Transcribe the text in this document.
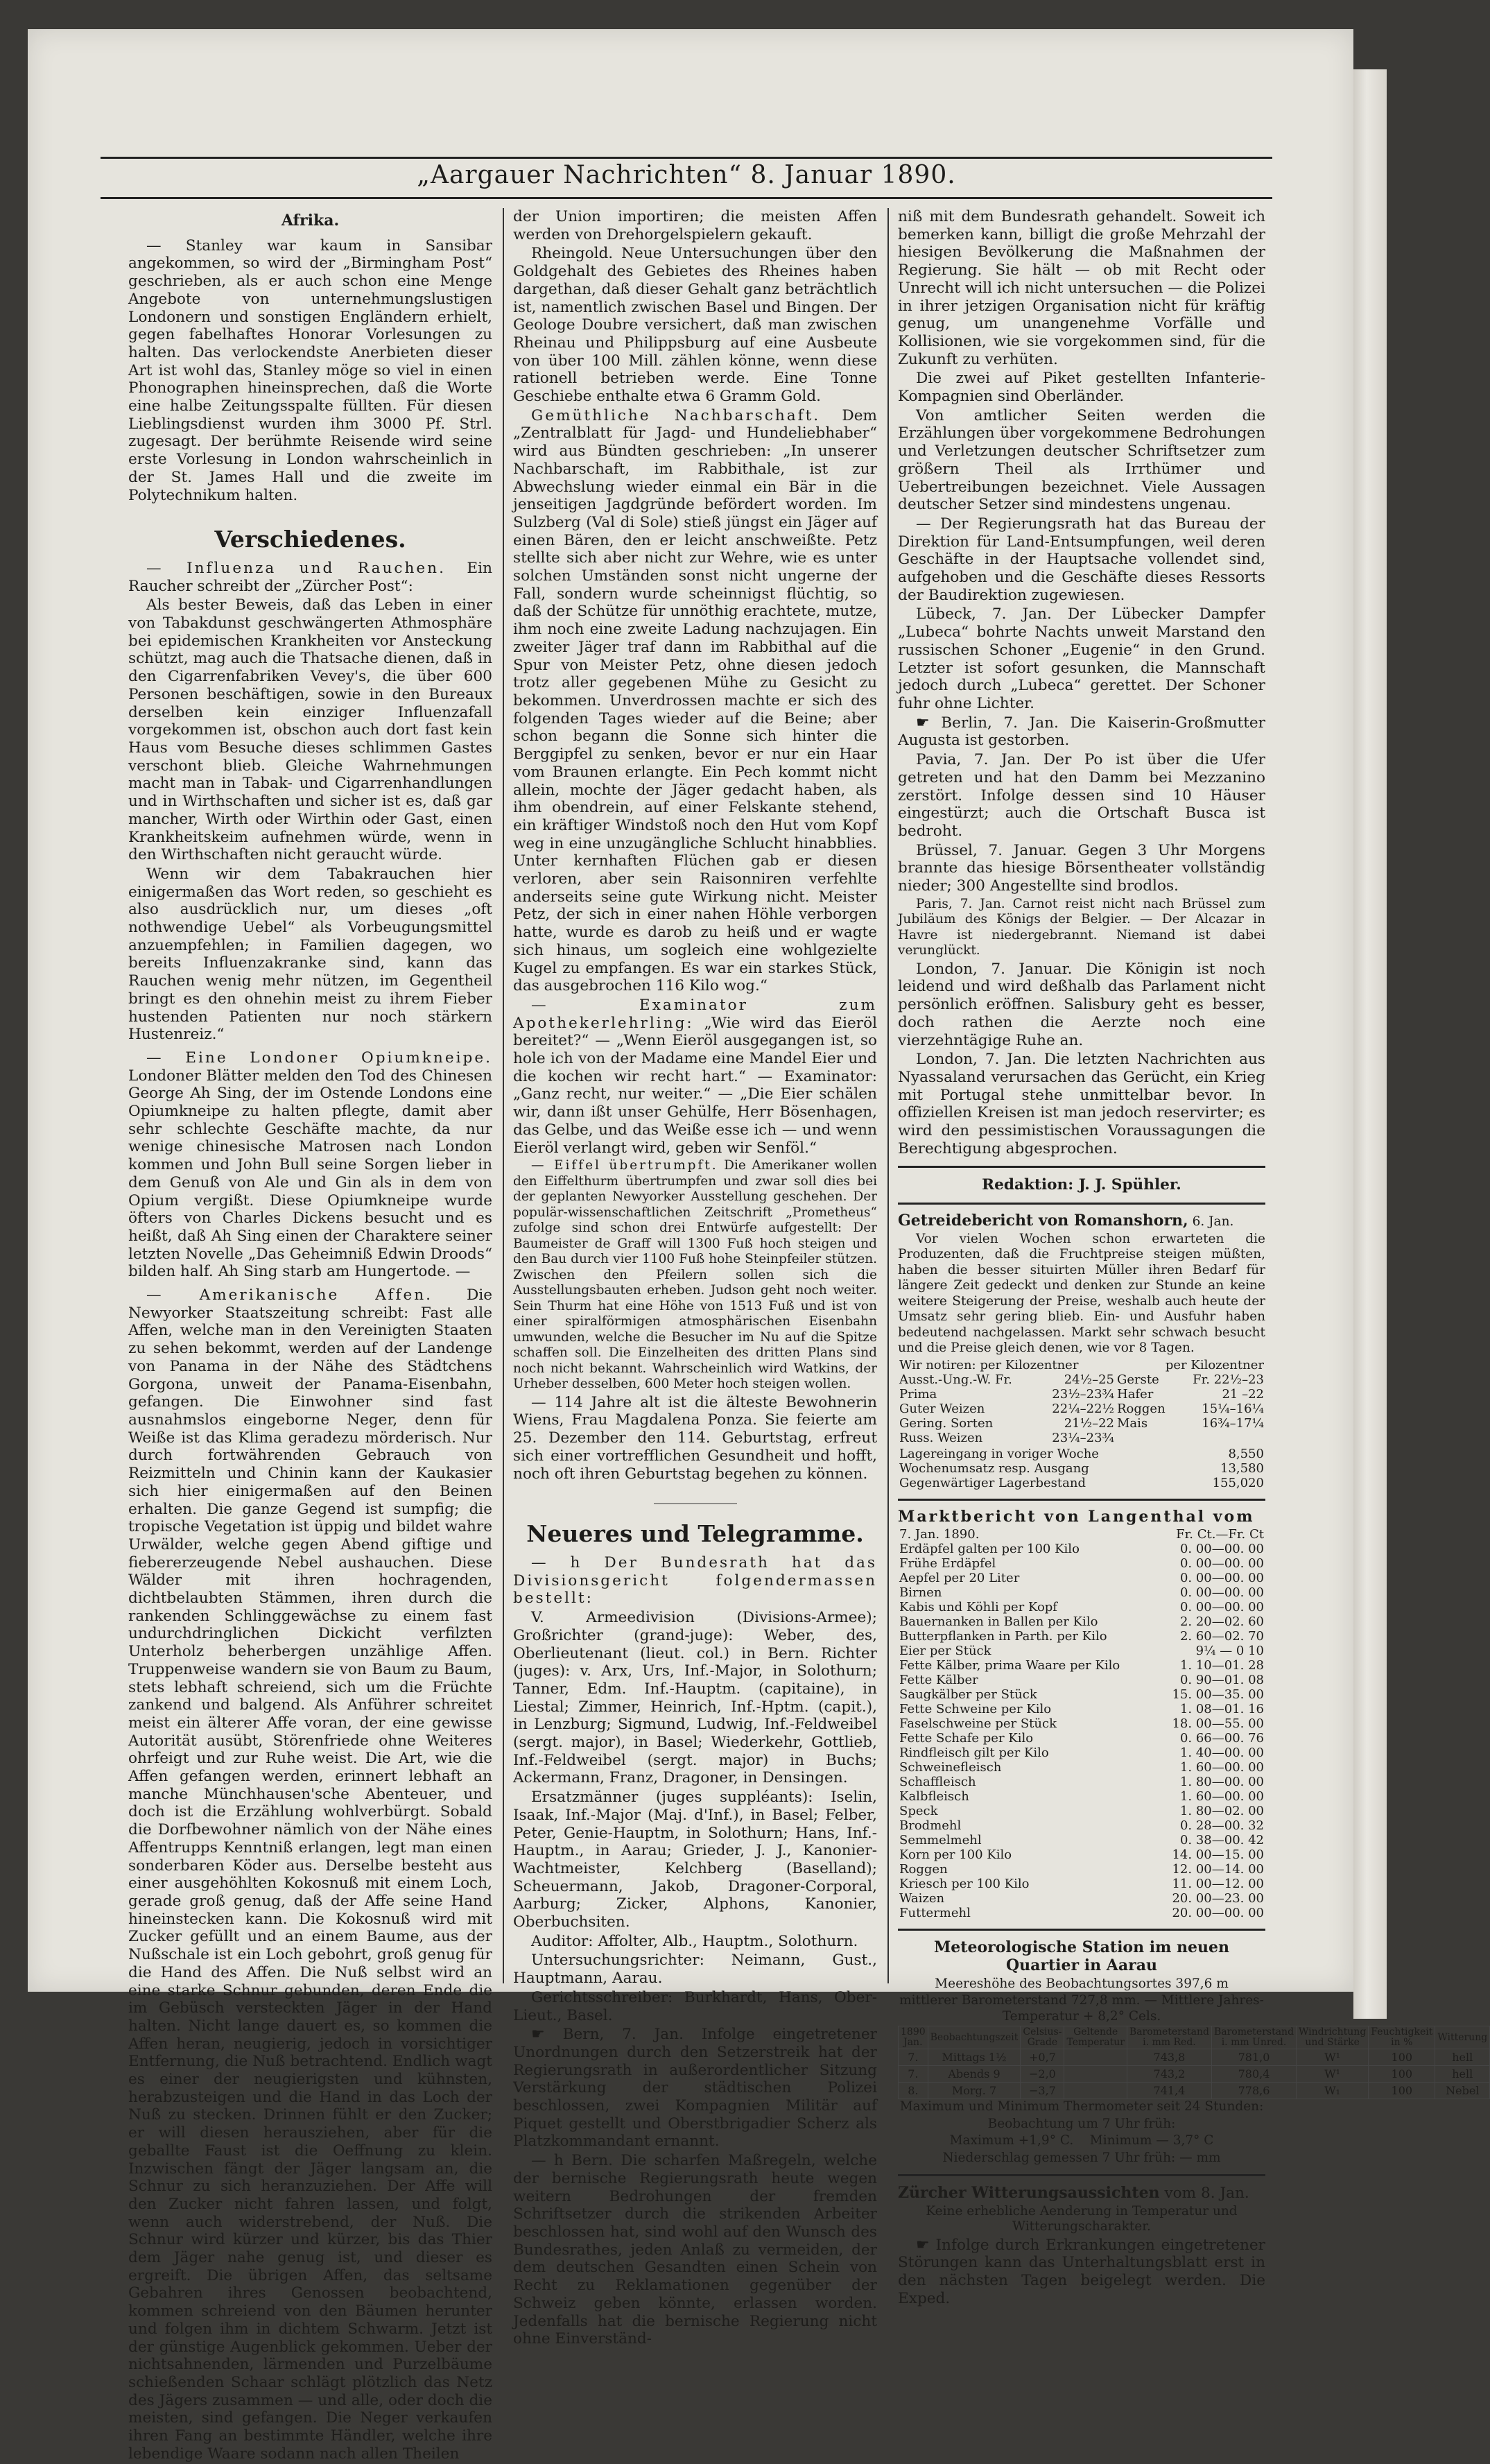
„Aargauer Nachrichten“ 8. Januar 1890.

Afrika.

— Stanley war kaum in Sansibar angekommen, so wird der „Birmingham Post“ geschrieben, als er auch schon eine Menge Angebote von unternehmungslustigen Londonern und sonstigen Engländern erhielt, gegen fabelhaftes Honorar Vorlesungen zu halten. Das verlockendste Anerbieten dieser Art ist wohl das, Stanley möge so viel in einen Phonographen hineinsprechen, daß die Worte eine halbe Zeitungsspalte füllten. Für diesen Lieblingsdienst wurden ihm 3000 Pf. Strl. zugesagt. Der berühmte Reisende wird seine erste Vorlesung in London wahrscheinlich in der St. James Hall und die zweite im Polytechnikum halten.

Verschiedenes.

— Influenza und Rauchen. Ein Raucher schreibt der „Zürcher Post“:

Als bester Beweis, daß das Leben in einer von Tabakdunst geschwängerten Athmosphäre bei epidemischen Krankheiten vor Ansteckung schützt, mag auch die Thatsache dienen, daß in den Cigarrenfabriken Vevey's, die über 600 Personen beschäftigen, sowie in den Bureaux derselben kein einziger Influenzafall vorgekommen ist, obschon auch dort fast kein Haus vom Besuche dieses schlimmen Gastes verschont blieb. Gleiche Wahrnehmungen macht man in Tabak- und Cigarrenhandlungen und in Wirthschaften und sicher ist es, daß gar mancher, Wirth oder Wirthin oder Gast, einen Krankheitskeim aufnehmen würde, wenn in den Wirthschaften nicht geraucht würde.

Wenn wir dem Tabakrauchen hier einigermaßen das Wort reden, so geschieht es also ausdrücklich nur, um dieses „oft nothwendige Uebel“ als Vorbeugungsmittel anzuempfehlen; in Familien dagegen, wo bereits Influenzakranke sind, kann das Rauchen wenig mehr nützen, im Gegentheil bringt es den ohnehin meist zu ihrem Fieber hustenden Patienten nur noch stärkern Hustenreiz.“

— Eine Londoner Opiumkneipe. Londoner Blätter melden den Tod des Chinesen George Ah Sing, der im Ostende Londons eine Opiumkneipe zu halten pflegte, damit aber sehr schlechte Geschäfte machte, da nur wenige chinesische Matrosen nach London kommen und John Bull seine Sorgen lieber in dem Genuß von Ale und Gin als in dem von Opium vergißt. Diese Opiumkneipe wurde öfters von Charles Dickens besucht und es heißt, daß Ah Sing einen der Charaktere seiner letzten Novelle „Das Geheimniß Edwin Droods“ bilden half. Ah Sing starb am Hungertode. —

— Amerikanische Affen. Die Newyorker Staatszeitung schreibt: Fast alle Affen, welche man in den Vereinigten Staaten zu sehen bekommt, werden auf der Landenge von Panama in der Nähe des Städtchens Gorgona, unweit der Panama-Eisenbahn, gefangen. Die Einwohner sind fast ausnahmslos eingeborne Neger, denn für Weiße ist das Klima geradezu mörderisch. Nur durch fortwährenden Gebrauch von Reizmitteln und Chinin kann der Kaukasier sich hier einigermaßen auf den Beinen erhalten. Die ganze Gegend ist sumpfig; die tropische Vegetation ist üppig und bildet wahre Urwälder, welche gegen Abend giftige und fiebererzeugende Nebel aushauchen. Diese Wälder mit ihren hochragenden, dichtbelaubten Stämmen, ihren durch die rankenden Schlinggewächse zu einem fast undurchdringlichen Dickicht verfilzten Unterholz beherbergen unzählige Affen. Truppenweise wandern sie von Baum zu Baum, stets lebhaft schreiend, sich um die Früchte zankend und balgend. Als Anführer schreitet meist ein älterer Affe voran, der eine gewisse Autorität ausübt, Störenfriede ohne Weiteres ohrfeigt und zur Ruhe weist. Die Art, wie die Affen gefangen werden, erinnert lebhaft an manche Münchhausen'sche Abenteuer, und doch ist die Erzählung wohlverbürgt. Sobald die Dorfbewohner nämlich von der Nähe eines Affentrupps Kenntniß erlangen, legt man einen sonderbaren Köder aus. Derselbe besteht aus einer ausgehöhlten Kokosnuß mit einem Loch, gerade groß genug, daß der Affe seine Hand hineinstecken kann. Die Kokosnuß wird mit Zucker gefüllt und an einem Baume, aus der Nußschale ist ein Loch gebohrt, groß genug für die Hand des Affen. Die Nuß selbst wird an eine starke Schnur gebunden, deren Ende die im Gebüsch versteckten Jäger in der Hand halten. Nicht lange dauert es, so kommen die Affen heran, neugierig, jedoch in vorsichtiger Entfernung, die Nuß betrachtend. Endlich wagt es einer der neugierigsten und kühnsten, herabzusteigen und die Hand in das Loch der Nuß zu stecken. Drinnen fühlt er den Zucker; er will diesen herausziehen, aber für die geballte Faust ist die Oeffnung zu klein. Inzwischen fängt der Jäger langsam an, die Schnur zu sich heranzuziehen. Der Affe will den Zucker nicht fahren lassen, und folgt, wenn auch widerstrebend, der Nuß. Die Schnur wird kürzer und kürzer, bis das Thier dem Jäger nahe genug ist, und dieser es ergreift. Die übrigen Affen, das seltsame Gebahren ihres Genossen beobachtend, kommen schreiend von den Bäumen herunter und folgen ihm in dichtem Schwarm. Jetzt ist der günstige Augenblick gekommen. Ueber der nichtsahnenden, lärmenden und Purzelbäume schießenden Schaar schlägt plötzlich das Netz des Jägers zusammen — und alle, oder doch die meisten, sind gefangen. Die Neger verkaufen ihren Fang an bestimmte Händler, welche ihre lebendige Waare sodann nach allen Theilen

der Union importiren; die meisten Affen werden von Drehorgelspielern gekauft.

Rheingold. Neue Untersuchungen über den Goldgehalt des Gebietes des Rheines haben dargethan, daß dieser Gehalt ganz beträchtlich ist, namentlich zwischen Basel und Bingen. Der Geologe Doubre versichert, daß man zwischen Rheinau und Philippsburg auf eine Ausbeute von über 100 Mill. zählen könne, wenn diese rationell betrieben werde. Eine Tonne Geschiebe enthalte etwa 6 Gramm Gold.

Gemüthliche Nachbarschaft. Dem „Zentralblatt für Jagd- und Hundeliebhaber“ wird aus Bündten geschrieben: „In unserer Nachbarschaft, im Rabbithale, ist zur Abwechslung wieder einmal ein Bär in die jenseitigen Jagdgründe befördert worden. Im Sulzberg (Val di Sole) stieß jüngst ein Jäger auf einen Bären, den er leicht anschweißte. Petz stellte sich aber nicht zur Wehre, wie es unter solchen Umständen sonst nicht ungerne der Fall, sondern wurde scheinnigst flüchtig, so daß der Schütze für unnöthig erachtete, mutze, ihm noch eine zweite Ladung nachzujagen. Ein zweiter Jäger traf dann im Rabbithal auf die Spur von Meister Petz, ohne diesen jedoch trotz aller gegebenen Mühe zu Gesicht zu bekommen. Unverdrossen machte er sich des folgenden Tages wieder auf die Beine; aber schon begann die Sonne sich hinter die Berggipfel zu senken, bevor er nur ein Haar vom Braunen erlangte. Ein Pech kommt nicht allein, mochte der Jäger gedacht haben, als ihm obendrein, auf einer Felskante stehend, ein kräftiger Windstoß noch den Hut vom Kopf weg in eine unzugängliche Schlucht hinabblies. Unter kernhaften Flüchen gab er diesen verloren, aber sein Raisonniren verfehlte anderseits seine gute Wirkung nicht. Meister Petz, der sich in einer nahen Höhle verborgen hatte, wurde es darob zu heiß und er wagte sich hinaus, um sogleich eine wohlgezielte Kugel zu empfangen. Es war ein starkes Stück, das ausgebrochen 116 Kilo wog.“

— Examinator zum Apothekerlehrling: „Wie wird das Eieröl bereitet?“ — „Wenn Eieröl ausgegangen ist, so hole ich von der Madame eine Mandel Eier und die kochen wir recht hart.“ — Examinator: „Ganz recht, nur weiter.“ — „Die Eier schälen wir, dann ißt unser Gehülfe, Herr Bösenhagen, das Gelbe, und das Weiße esse ich — und wenn Eieröl verlangt wird, geben wir Senföl.“

— Eiffel übertrumpft. Die Amerikaner wollen den Eiffelthurm übertrumpfen und zwar soll dies bei der geplanten Newyorker Ausstellung geschehen. Der populär-wissenschaftlichen Zeitschrift „Prometheus“ zufolge sind schon drei Entwürfe aufgestellt: Der Baumeister de Graff will 1300 Fuß hoch steigen und den Bau durch vier 1100 Fuß hohe Steinpfeiler stützen. Zwischen den Pfeilern sollen sich die Ausstellungsbauten erheben. Judson geht noch weiter. Sein Thurm hat eine Höhe von 1513 Fuß und ist von einer spiralförmigen atmosphärischen Eisenbahn umwunden, welche die Besucher im Nu auf die Spitze schaffen soll. Die Einzelheiten des dritten Plans sind noch nicht bekannt. Wahrscheinlich wird Watkins, der Urheber desselben, 600 Meter hoch steigen wollen.

— 114 Jahre alt ist die älteste Bewohnerin Wiens, Frau Magdalena Ponza. Sie feierte am 25. Dezember den 114. Geburtstag, erfreut sich einer vortrefflichen Gesundheit und hofft, noch oft ihren Geburtstag begehen zu können.

Neueres und Telegramme.

— h Der Bundesrath hat das Divisionsgericht folgendermassen bestellt:

V. Armeedivision (Divisions-Armee); Großrichter (grand-juge): Weber, des, Oberlieutenant (lieut. col.) in Bern. Richter (juges): v. Arx, Urs, Inf.-Major, in Solothurn; Tanner, Edm. Inf.-Hauptm. (capitaine), in Liestal; Zimmer, Heinrich, Inf.-Hptm. (capit.), in Lenzburg; Sigmund, Ludwig, Inf.-Feldweibel (sergt. major), in Basel; Wiederkehr, Gottlieb, Inf.-Feldweibel (sergt. major) in Buchs; Ackermann, Franz, Dragoner, in Densingen.

Ersatzmänner (juges suppléants): Iselin, Isaak, Inf.-Major (Maj. d'Inf.), in Basel; Felber, Peter, Genie-Hauptm, in Solothurn; Hans, Inf.-Hauptm., in Aarau; Grieder, J. J., Kanonier-Wachtmeister, Kelchberg (Baselland); Scheuermann, Jakob, Dragoner-Corporal, Aarburg; Zicker, Alphons, Kanonier, Oberbuchsiten.

Auditor: Affolter, Alb., Hauptm., Solothurn.

Untersuchungsrichter: Neimann, Gust., Hauptmann, Aarau.

Gerichtsschreiber: Burkhardt, Hans, Ober-Lieut., Basel.

☛ Bern, 7. Jan. Infolge eingetretener Unordnungen durch den Setzerstreik hat der Regierungsrath in außerordentlicher Sitzung Verstärkung der städtischen Polizei beschlossen, zwei Kompagnien Militär auf Piquet gestellt und Oberstbrigadier Scherz als Platzkommandant ernannt.

— h Bern. Die scharfen Maßregeln, welche der bernische Regierungsrath heute wegen weitern Bedrohungen der fremden Schriftsetzer durch die strikenden Arbeiter beschlossen hat, sind wohl auf den Wunsch des Bundesrathes, jeden Anlaß zu vermeiden, der dem deutschen Gesandten einen Schein von Recht zu Reklamationen gegenüber der Schweiz geben könnte, erlassen worden. Jedenfalls hat die bernische Regierung nicht ohne Einverständ-

niß mit dem Bundesrath gehandelt. Soweit ich bemerken kann, billigt die große Mehrzahl der hiesigen Bevölkerung die Maßnahmen der Regierung. Sie hält — ob mit Recht oder Unrecht will ich nicht untersuchen — die Polizei in ihrer jetzigen Organisation nicht für kräftig genug, um unangenehme Vorfälle und Kollisionen, wie sie vorgekommen sind, für die Zukunft zu verhüten.

Die zwei auf Piket gestellten Infanterie-Kompagnien sind Oberländer.

Von amtlicher Seiten werden die Erzählungen über vorgekommene Bedrohungen und Verletzungen deutscher Schriftsetzer zum größern Theil als Irrthümer und Uebertreibungen bezeichnet. Viele Aussagen deutscher Setzer sind mindestens ungenau.

— Der Regierungsrath hat das Bureau der Direktion für Land-Entsumpfungen, weil deren Geschäfte in der Hauptsache vollendet sind, aufgehoben und die Geschäfte dieses Ressorts der Baudirektion zugewiesen.

Lübeck, 7. Jan. Der Lübecker Dampfer „Lubeca“ bohrte Nachts unweit Marstand den russischen Schoner „Eugenie“ in den Grund. Letzter ist sofort gesunken, die Mannschaft jedoch durch „Lubeca“ gerettet. Der Schoner fuhr ohne Lichter.

☛ Berlin, 7. Jan. Die Kaiserin-Großmutter Augusta ist gestorben.

Pavia, 7. Jan. Der Po ist über die Ufer getreten und hat den Damm bei Mezzanino zerstört. Infolge dessen sind 10 Häuser eingestürzt; auch die Ortschaft Busca ist bedroht.

Brüssel, 7. Januar. Gegen 3 Uhr Morgens brannte das hiesige Börsentheater vollständig nieder; 300 Angestellte sind brodlos.

Paris, 7. Jan. Carnot reist nicht nach Brüssel zum Jubiläum des Königs der Belgier. — Der Alcazar in Havre ist niedergebrannt. Niemand ist dabei verunglückt.

London, 7. Januar. Die Königin ist noch leidend und wird deßhalb das Parlament nicht persönlich eröffnen. Salisbury geht es besser, doch rathen die Aerzte noch eine vierzehntägige Ruhe an.

London, 7. Jan. Die letzten Nachrichten aus Nyassaland verursachen das Gerücht, ein Krieg mit Portugal stehe unmittelbar bevor. In offiziellen Kreisen ist man jedoch reservirter; es wird den pessimistischen Voraussagungen die Berechtigung abgesprochen.

Redaktion: J. J. Spühler.

Getreidebericht von Romanshorn, 6. Jan.

Vor vielen Wochen schon erwarteten die Produzenten, daß die Fruchtpreise steigen müßten, haben die besser situirten Müller ihren Bedarf für längere Zeit gedeckt und denken zur Stunde an keine weitere Steigerung der Preise, weshalb auch heute der Umsatz sehr gering blieb. Ein- und Ausfuhr haben bedeutend nachgelassen. Markt sehr schwach besucht und die Preise gleich denen, wie vor 8 Tagen.

Wir notiren: per Kilozentner		per Kilozentner	
Ausst.-Ung.-W. Fr.	24½–25	Gerste	Fr. 22½–23
Prima	23½–23¾	Hafer	21 –22
Guter Weizen	22¼–22½	Roggen	15¼–16¼
Gering. Sorten	21½–22	Mais	16¾–17¼
Russ. Weizen	23¼–23¾		
Lagereingang in voriger Woche	8,550
Wochenumsatz resp. Ausgang	13,580
Gegenwärtiger Lagerbestand	155,020

Marktbericht von Langenthal vom

7. Jan. 1890.	Fr. Ct.—Fr. Ct
Erdäpfel galten per 100 Kilo	0. 00—00. 00
Frühe Erdäpfel	0. 00—00. 00
Aepfel per 20 Liter	0. 00—00. 00
Birnen	0. 00—00. 00
Kabis und Köhli per Kopf	0. 00—00. 00
Bauernanken in Ballen per Kilo	2. 20—02. 60
Butterpflanken in Parth. per Kilo	2. 60—02. 70
Eier per Stück	9¼ — 0 10
Fette Kälber, prima Waare per Kilo	1. 10—01. 28
Fette Kälber	0. 90—01. 08
Saugkälber per Stück	15. 00—35. 00
Fette Schweine per Kilo	1. 08—01. 16
Faselschweine per Stück	18. 00—55. 00
Fette Schafe per Kilo	0. 66—00. 76
Rindfleisch gilt per Kilo	1. 40—00. 00
Schweinefleisch	1. 60—00. 00
Schaffleisch	1. 80—00. 00
Kalbfleisch	1. 60—00. 00
Speck	1. 80—02. 00
Brodmehl	0. 28—00. 32
Semmelmehl	0. 38—00. 42
Korn per 100 Kilo	14. 00—15. 00
Roggen	12. 00—14. 00
Kriesch per 100 Kilo	11. 00—12. 00
Waizen	20. 00—23. 00
Futtermehl	20. 00—00. 00

Meteorologische Station im neuen Quartier in Aarau

Meereshöhe des Beobachtungsortes 397,6 m

mittlerer Barometerstand 727,8 mm. — Mittlere Jahres-Temperatur + 8,2° Cels.

1890 Jan.	Beobachtungszeit	Celsius-Grade	Geltende Temperatur	Barometerstand i. mm Red.	Barometerstand i. mm Unred.	Windrichtung und Stärke	Feuchtigkeit in %	Witterung
7.	Mittags 1½	+0,7		743,8	781,0	W¹	100	hell
7.	Abends 9	−2,0		743,2	780,4	W¹	100	hell
8.	Morg. 7	−3,7		741,4	778,6	W₁	100	Nebel

Maximum und Minimum Thermometer seit 24 Stunden:

Beobachtung um 7 Uhr früh:

Maximum +1,9° C. Minimum — 3,7° C

Niederschlag gemessen 7 Uhr früh: — mm

Zürcher Witterungsaussichten vom 8. Jan.

Keine erhebliche Aenderung in Temperatur und Witterungscharakter.

☛ Infolge durch Erkrankungen eingetretener Störungen kann das Unterhaltungsblatt erst in den nächsten Tagen beigelegt werden. Die Exped.
